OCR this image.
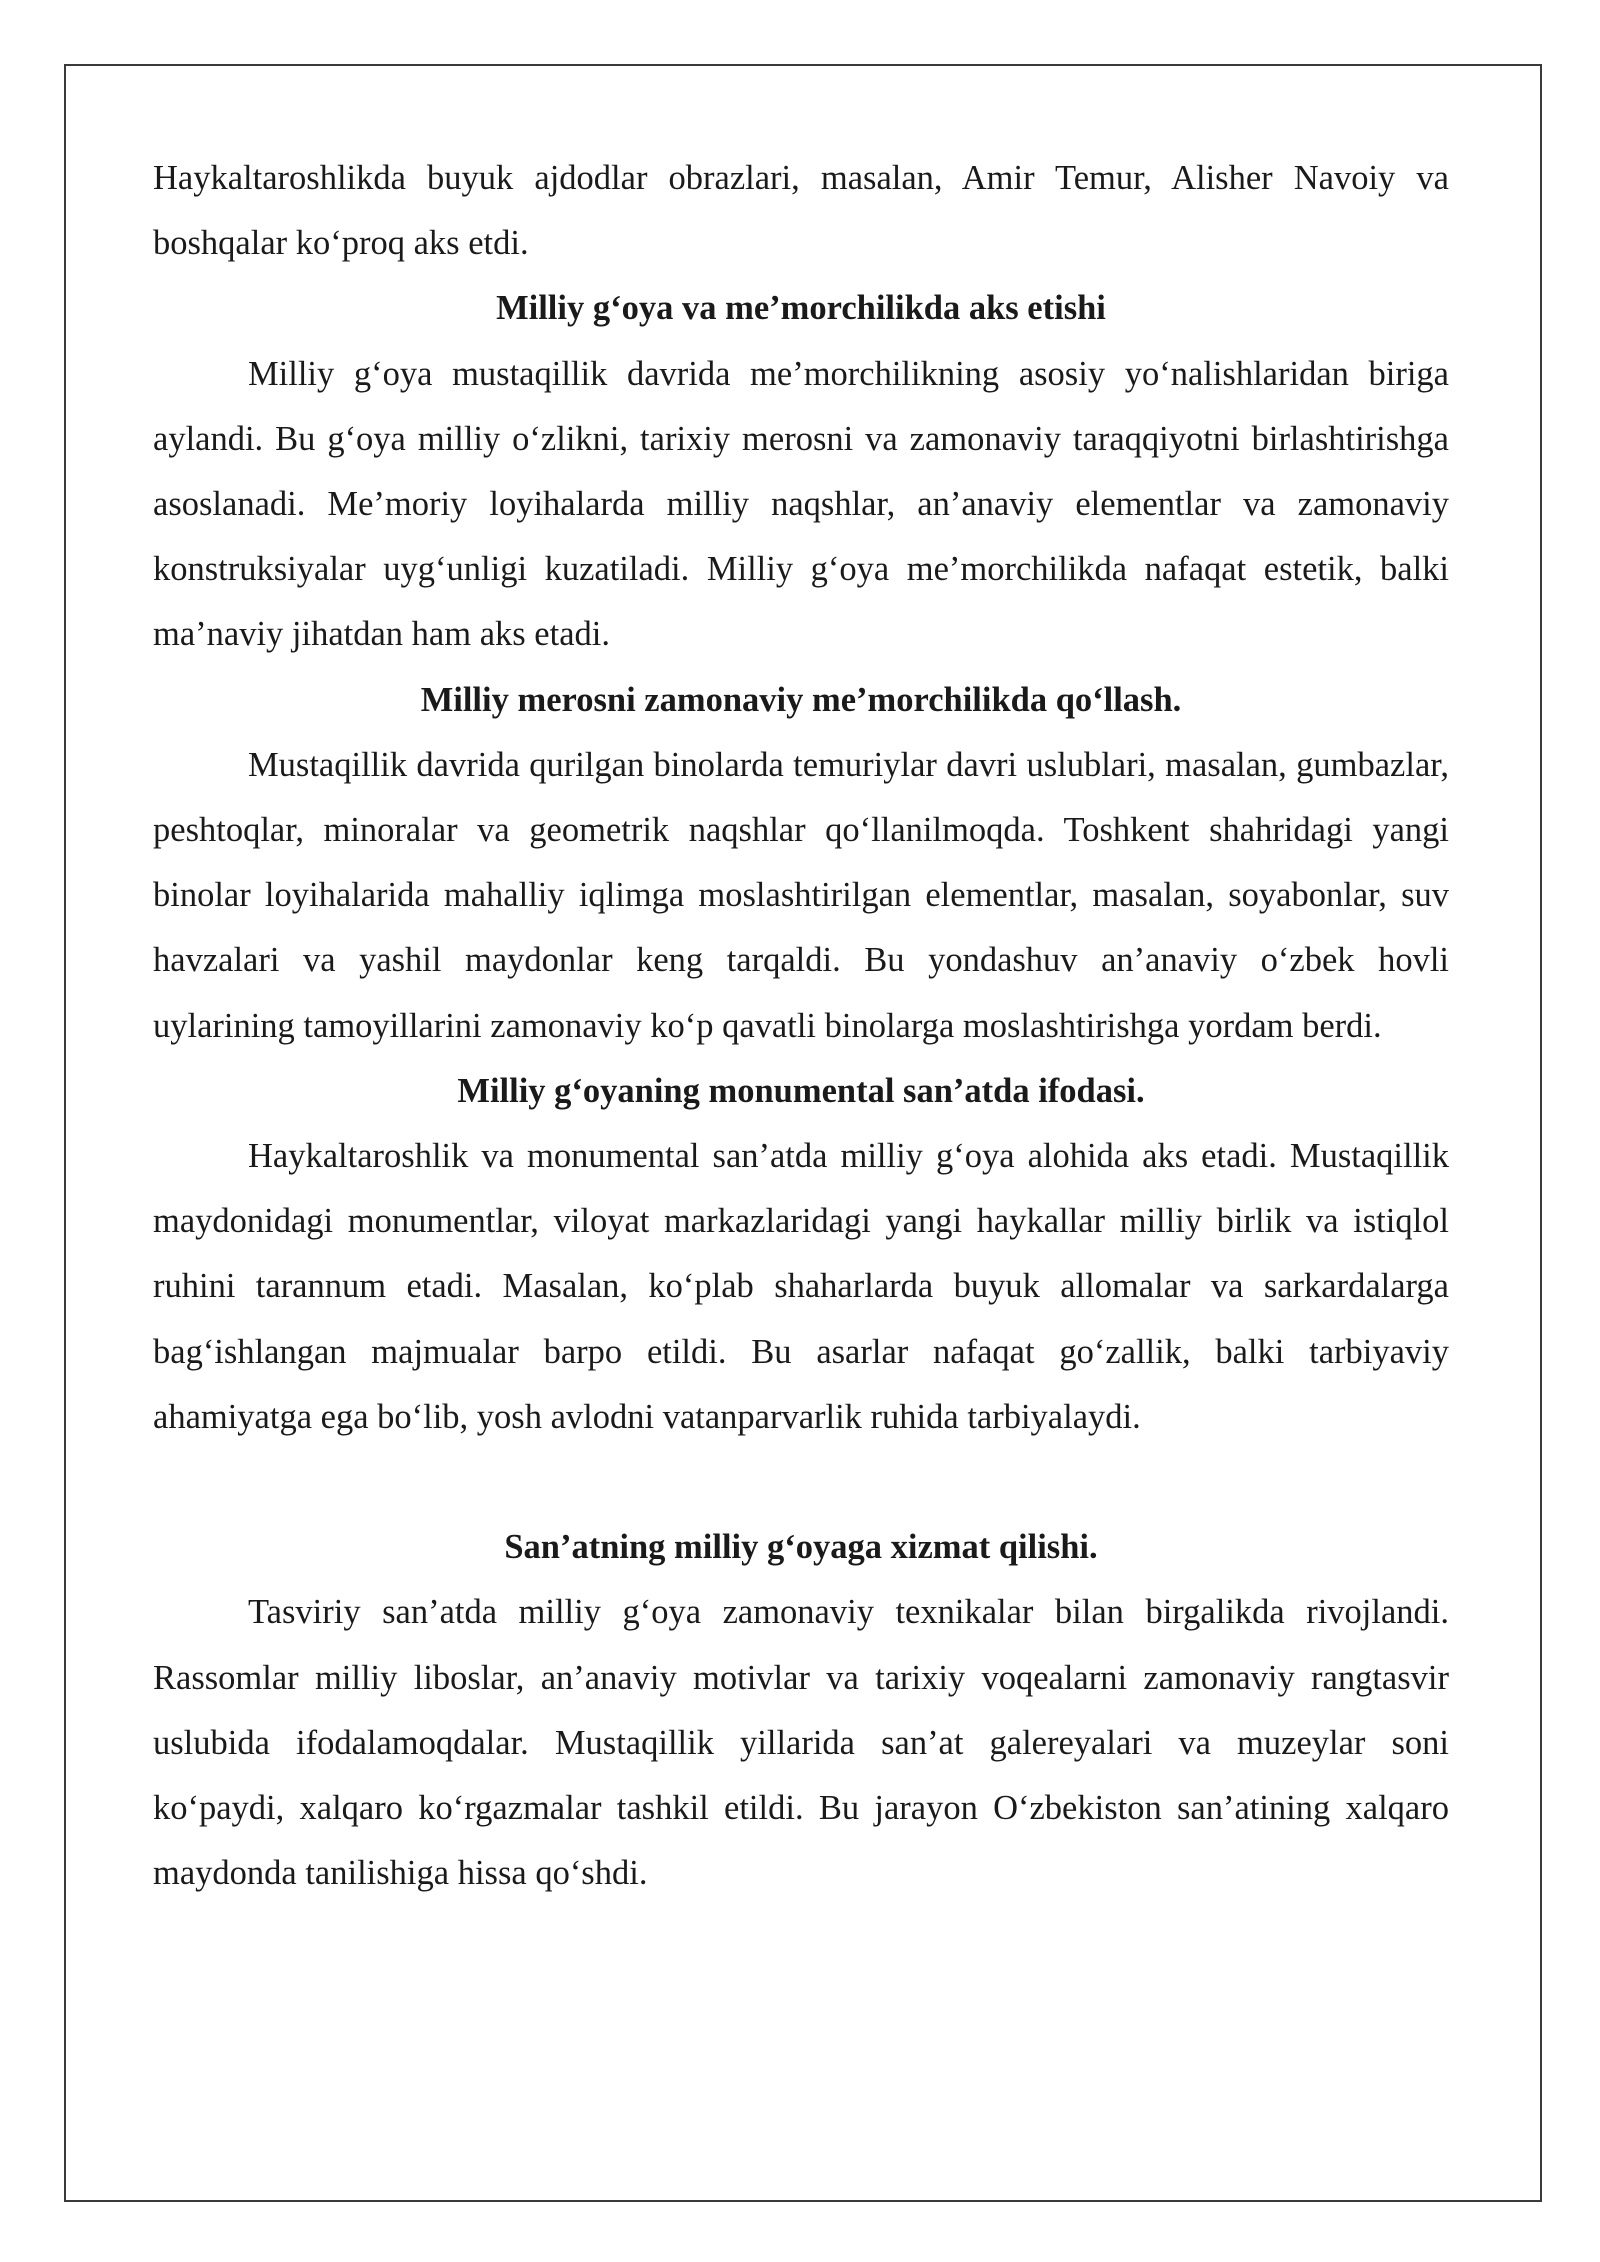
Haykaltaroshlikda buyuk ajdodlar obrazlari, masalan, Amir Temur, Alisher Navoiy va boshqalar ko‘proq aks etdi.

Milliy g‘oya va me’morchilikda aks etishi

Milliy g‘oya mustaqillik davrida me’morchilikning asosiy yo‘nalishlaridan biriga aylandi. Bu g‘oya milliy o‘zlikni, tarixiy merosni va zamonaviy taraqqiyotni birlashtirishga asoslanadi. Me’moriy loyihalarda milliy naqshlar, an’anaviy elementlar va zamonaviy konstruksiyalar uyg‘unligi kuzatiladi. Milliy g‘oya me’morchilikda nafaqat estetik, balki ma’naviy jihatdan ham aks etadi.

Milliy merosni zamonaviy me’morchilikda qo‘llash.

Mustaqillik davrida qurilgan binolarda temuriylar davri uslublari, masalan, gumbazlar, peshtoqlar, minoralar va geometrik naqshlar qo‘llanilmoqda. Toshkent shahridagi yangi binolar loyihalarida mahalliy iqlimga moslashtirilgan elementlar, masalan, soyabonlar, suv havzalari va yashil maydonlar keng tarqaldi. Bu yondashuv an’anaviy o‘zbek hovli uylarining tamoyillarini zamonaviy ko‘p qavatli binolarga moslashtirishga yordam berdi.

Milliy g‘oyaning monumental san’atda ifodasi.

Haykaltaroshlik va monumental san’atda milliy g‘oya alohida aks etadi. Mustaqillik maydonidagi monumentlar, viloyat markazlaridagi yangi haykallar milliy birlik va istiqlol ruhini tarannum etadi. Masalan, ko‘plab shaharlarda buyuk allomalar va sarkardalarga bag‘ishlangan majmualar barpo etildi. Bu asarlar nafaqat go‘zallik, balki tarbiyaviy ahamiyatga ega bo‘lib, yosh avlodni vatanparvarlik ruhida tarbiyalaydi.

San’atning milliy g‘oyaga xizmat qilishi.

Tasviriy san’atda milliy g‘oya zamonaviy texnikalar bilan birgalikda rivojlandi. Rassomlar milliy liboslar, an’anaviy motivlar va tarixiy voqealarni zamonaviy rangtasvir uslubida ifodalamoqdalar. Mustaqillik yillarida san’at galereyalari va muzeylar soni ko‘paydi, xalqaro ko‘rgazmalar tashkil etildi. Bu jarayon O‘zbekiston san’atining xalqaro maydonda tanilishiga hissa qo‘shdi.
